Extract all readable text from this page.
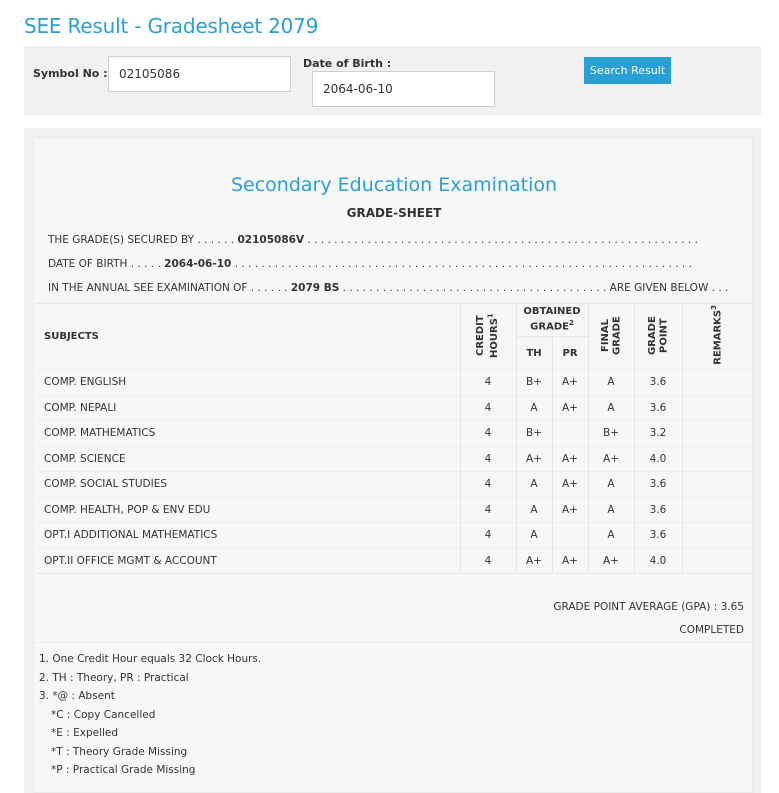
SEE Result - Gradesheet 2079
Symbol No :
02105086
Date of Birth :
2064-06-10
Search Result
Secondary Education Examination
GRADE-SHEET
THE GRADE(S) SECURED BY . . . . . . 02105086V . . . . . . . . . . . . . . . . . . . . . . . . . . . . . . . . . . . . . . . . . . . . . . . . . . . . . . . . . . .
DATE OF BIRTH . . . . . 2064-06-10 . . . . . . . . . . . . . . . . . . . . . . . . . . . . . . . . . . . . . . . . . . . . . . . . . . . . . . . . . . . . . . . . . . . . .
IN THE ANNUAL SEE EXAMINATION OF . . . . . . 2079 BS . . . . . . . . . . . . . . . . . . . . . . . . . . . . . . . . . . . . . . . . ARE GIVEN BELOW . . .
SUBJECTS	CREDIT HOURS$^1$	OBTAINED GRADE$^2$		FINAL GRADE	GRADE POINT	REMARKS$^3$
		TH	PR			
COMP. ENGLISH	4	B+	A+	A	3.6	
COMP. NEPALI	4	A	A+	A	3.6	
COMP. MATHEMATICS	4	B+		B+	3.2	
COMP. SCIENCE	4	A+	A+	A+	4.0	
COMP. SOCIAL STUDIES	4	A	A+	A	3.6	
COMP. HEALTH, POP & ENV EDU	4	A	A+	A	3.6	
OPT.I ADDITIONAL MATHEMATICS	4	A		A	3.6	
OPT.II OFFICE MGMT & ACCOUNT	4	A+	A+	A+	4.0	
GRADE POINT AVERAGE (GPA) : 3.65
COMPLETED
1. One Credit Hour equals 32 Clock Hours.
2. TH : Theory, PR : Practical
3. *@ : Absent
*C : Copy Cancelled
*E : Expelled
*T : Theory Grade Missing
*P : Practical Grade Missing
